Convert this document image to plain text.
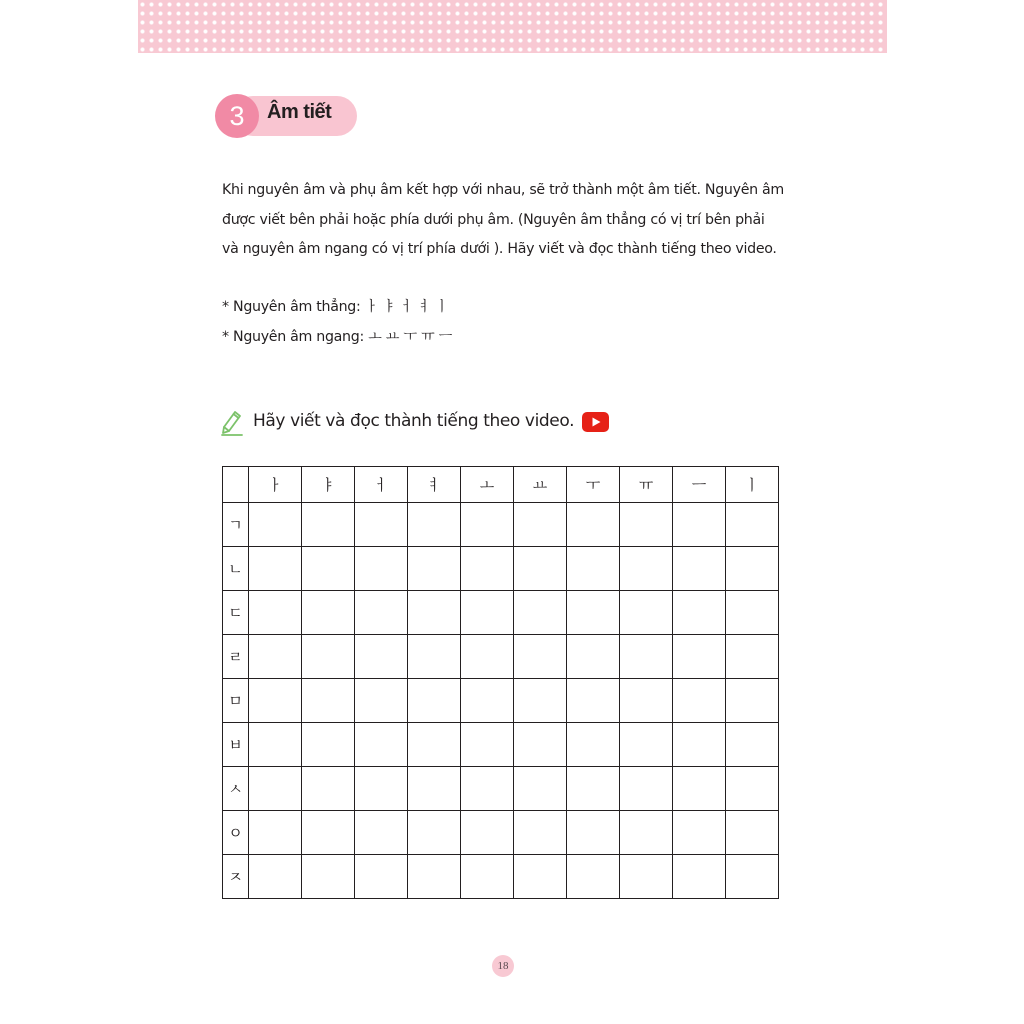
3	Âm tiết

Khi nguyên âm và phụ âm kết hợp với nhau, sẽ trở thành một âm tiết. Nguyên âm
được viết bên phải hoặc phía dưới phụ âm. (Nguyên âm thẳng có vị trí bên phải
và nguyên âm ngang có vị trí phía dưới ). Hãy viết và đọc thành tiếng theo video.

* Nguyên âm thẳng: ㅏ ㅑ ㅓ ㅕ ㅣ
* Nguyên âm ngang: ㅗ ㅛ ㅜ ㅠ ㅡ
Hãy viết và đọc thành tiếng theo video.
	ㅏ	ㅑ	ㅓ	ㅕ	ㅗ	ㅛ	ㅜ	ㅠ	ㅡ	ㅣ
ㄱ										
ㄴ										
ㄷ										
ㄹ										
ㅁ										
ㅂ										
ㅅ										
ㅇ										
ㅈ										
18
